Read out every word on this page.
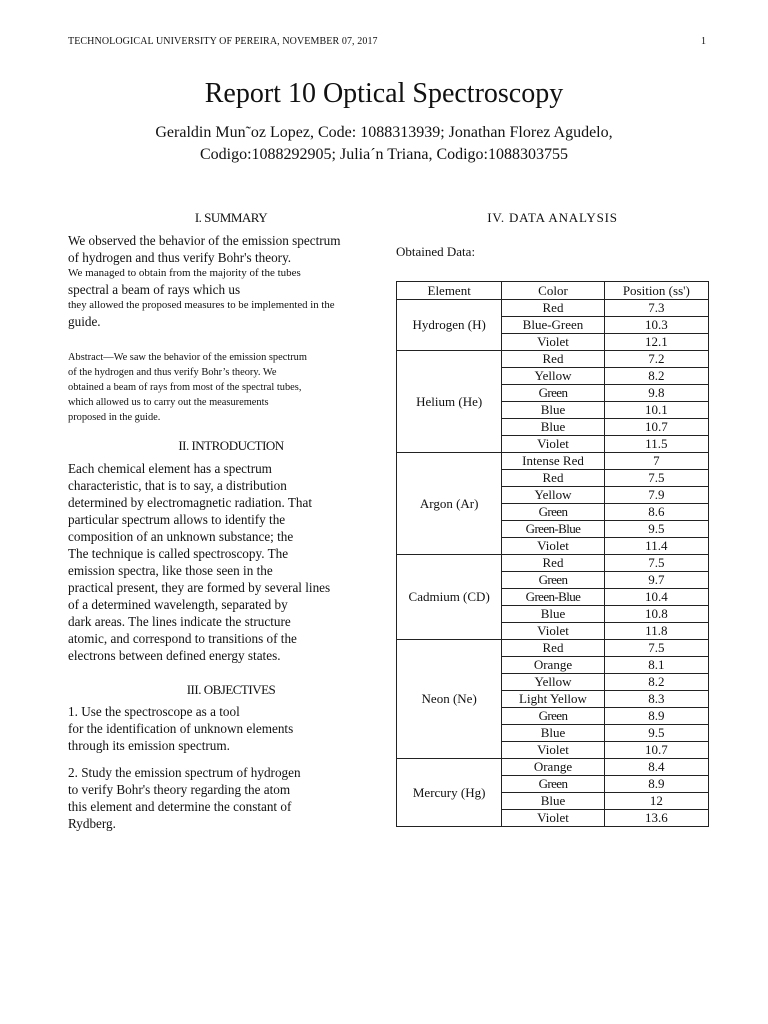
TECHNOLOGICAL UNIVERSITY OF PEREIRA, NOVEMBER 07, 2017	1
Report 10 Optical Spectroscopy
Geraldin Mun˜oz Lopez, Code: 1088313939; Jonathan Florez Agudelo,
Codigo:1088292905; Julia´n Triana, Codigo:1088303755
I. SUMMARY
We observed the behavior of the emission spectrum
of hydrogen and thus verify Bohr's theory.
We managed to obtain from the majority of the tubes
spectral a beam of rays which us
they allowed the proposed measures to be implemented in the
guide.
Abstract—We saw the behavior of the emission spectrum
of the hydrogen and thus verify Bohr’s theory. We
obtained a beam of rays from most of the spectral tubes,
which allowed us to carry out the measurements
proposed in the guide.
II. INTRODUCTION
Each chemical element has a spectrum
characteristic, that is to say, a distribution
determined by electromagnetic radiation. That
particular spectrum allows to identify the
composition of an unknown substance; the
The technique is called spectroscopy. The
emission spectra, like those seen in the
practical present, they are formed by several lines
of a determined wavelength, separated by
dark areas. The lines indicate the structure
atomic, and correspond to transitions of the
electrons between defined energy states.
III. OBJECTIVES
1. Use the spectroscope as a tool
for the identification of unknown elements
through its emission spectrum.
2. Study the emission spectrum of hydrogen
to verify Bohr's theory regarding the atom
this element and determine the constant of
Rydberg.
IV. DATA ANALYSIS
Obtained Data:
Element	Color	Position (ss')
Hydrogen (H)	Red	7.3
	Blue-Green	10.3
	Violet	12.1
Helium (He)	Red	7.2
	Yellow	8.2
	Green	9.8
	Blue	10.1
	Blue	10.7
	Violet	11.5
Argon (Ar)	Intense Red	7
	Red	7.5
	Yellow	7.9
	Green	8.6
	Green-Blue	9.5
	Violet	11.4
Cadmium (CD)	Red	7.5
	Green	9.7
	Green-Blue	10.4
	Blue	10.8
	Violet	11.8
Neon (Ne)	Red	7.5
	Orange	8.1
	Yellow	8.2
	Light Yellow	8.3
	Green	8.9
	Blue	9.5
	Violet	10.7
Mercury (Hg)	Orange	8.4
	Green	8.9
	Blue	12
	Violet	13.6
